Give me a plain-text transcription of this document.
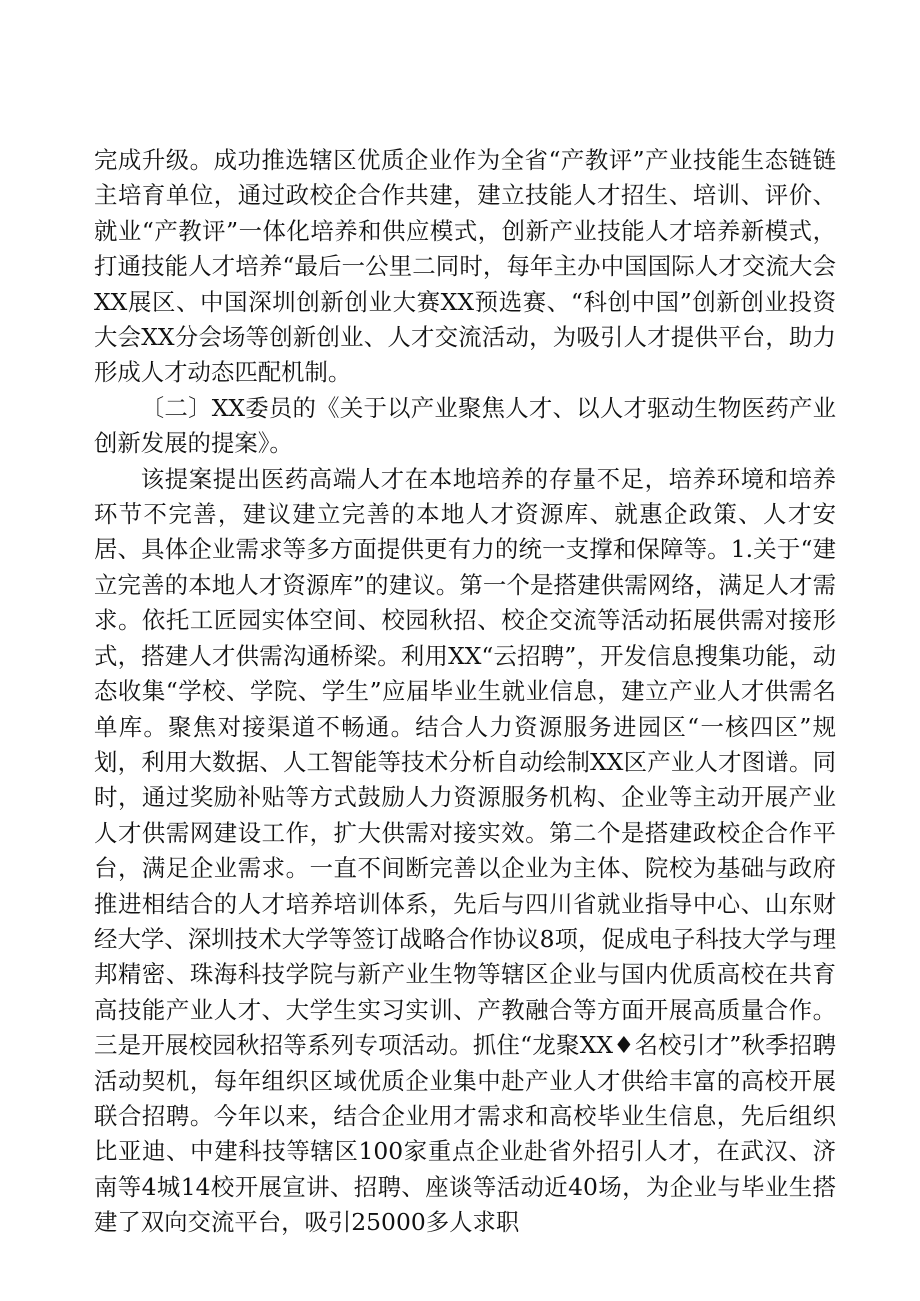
完成升级。成功推选辖区优质企业作为全省“产教评”产业技能生态链链主培育单位，通过政校企合作共建，建立技能人才招生、培训、评价、就业“产教评”一体化培养和供应模式，创新产业技能人才培养新模式，打通技能人才培养“最后一公里二同时，每年主办中国国际人才交流大会XX展区、中国深圳创新创业大赛XX预选赛、“科创中国”创新创业投资大会XX分会场等创新创业、人才交流活动，为吸引人才提供平台，助力形成人才动态匹配机制。

〔二〕XX委员的《关于以产业聚焦人才、以人才驱动生物医药产业创新发展的提案》。

该提案提出医药高端人才在本地培养的存量不足，培养环境和培养环节不完善，建议建立完善的本地人才资源库、就惠企政策、人才安居、具体企业需求等多方面提供更有力的统一支撑和保障等。1.关于“建立完善的本地人才资源库”的建议。第一个是搭建供需网络，满足人才需求。依托工匠园实体空间、校园秋招、校企交流等活动拓展供需对接形式，搭建人才供需沟通桥梁。利用XX“云招聘”，开发信息搜集功能，动态收集“学校、学院、学生”应届毕业生就业信息，建立产业人才供需名单库。聚焦对接渠道不畅通。结合人力资源服务进园区“一核四区”规划，利用大数据、人工智能等技术分析自动绘制XX区产业人才图谱。同时，通过奖励补贴等方式鼓励人力资源服务机构、企业等主动开展产业人才供需网建设工作，扩大供需对接实效。第二个是搭建政校企合作平台，满足企业需求。一直不间断完善以企业为主体、院校为基础与政府推进相结合的人才培养培训体系，先后与四川省就业指导中心、山东财经大学、深圳技术大学等签订战略合作协议8项，促成电子科技大学与理邦精密、珠海科技学院与新产业生物等辖区企业与国内优质高校在共育高技能产业人才、大学生实习实训、产教融合等方面开展高质量合作。三是开展校园秋招等系列专项活动。抓住“龙聚XX♦名校引才”秋季招聘活动契机，每年组织区域优质企业集中赴产业人才供给丰富的高校开展联合招聘。今年以来，结合企业用才需求和高校毕业生信息，先后组织比亚迪、中建科技等辖区100家重点企业赴省外招引人才，在武汉、济南等4城14校开展宣讲、招聘、座谈等活动近40场，为企业与毕业生搭建了双向交流平台，吸引25000多人求职
